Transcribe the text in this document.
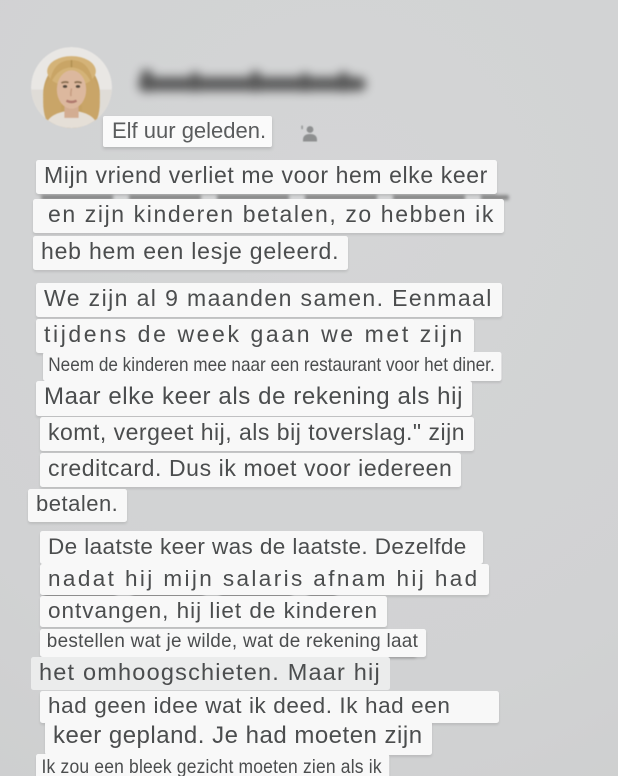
Elf uur geleden.
Mijn vriend verliet me voor hem elke keer
en zijn kinderen betalen, zo hebben ik
heb hem een lesje geleerd.
We zijn al 9 maanden samen. Eenmaal
tijdens de week gaan we met zijn
Neem de kinderen mee naar een restaurant voor het diner.
Maar elke keer als de rekening als hij
komt, vergeet hij, als bij toverslag." zijn
creditcard. Dus ik moet voor iedereen
betalen.
De laatste keer was de laatste. Dezelfde
nadat hij mijn salaris afnam hij had
ontvangen, hij liet de kinderen
bestellen wat je wilde, wat de rekening laat
het omhoogschieten. Maar hij
had geen idee wat ik deed. Ik had een
keer gepland. Je had moeten zijn
Ik zou een bleek gezicht moeten zien als ik
